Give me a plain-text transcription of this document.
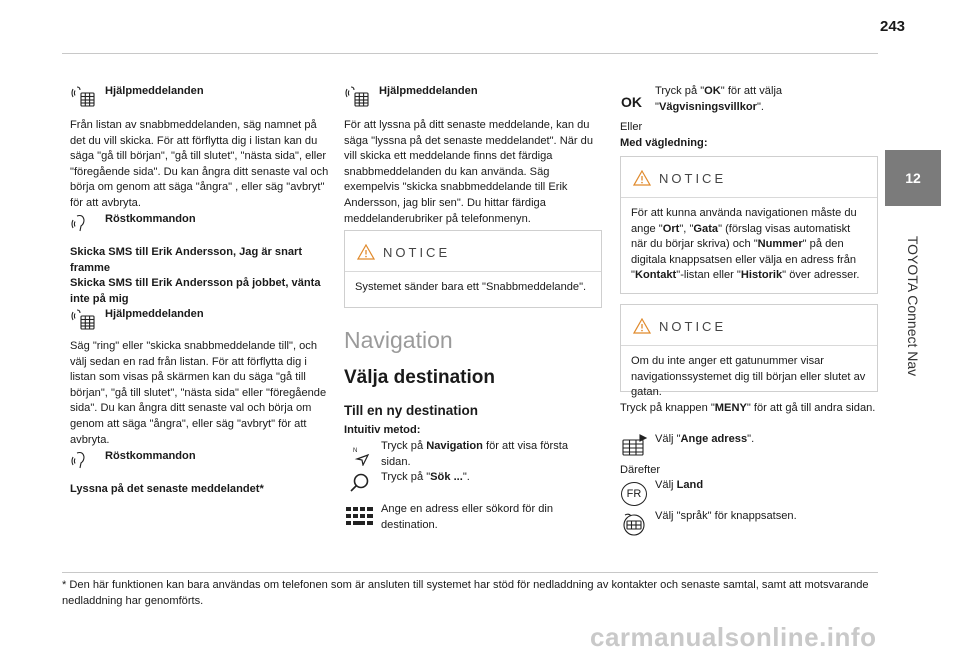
243
12
TOYOTA Connect Nav
Hjälpmeddelanden

Från listan av snabbmeddelanden, säg namnet på det du vill skicka. För att förflytta dig i listan kan du säga "gå till början", "gå till slutet", "nästa sida", eller "föregående sida". Du kan ångra ditt senaste val och börja om genom att säga "ångra" , eller säg "avbryt" för att avbryta.

Röstkommandon

Skicka SMS till Erik Andersson, Jag är snart framme

Skicka SMS till Erik Andersson på jobbet, vänta inte på mig

Hjälpmeddelanden

Säg "ring" eller "skicka snabbmeddelande till", och välj sedan en rad från listan. För att förflytta dig i listan som visas på skärmen kan du säga "gå till början", "gå till slutet", "nästa sida" eller "föregående sida". Du kan ångra ditt senaste val och börja om genom att säga "ångra", eller säg "avbryt" för att avbryta.

Röstkommandon

Lyssna på det senaste meddelandet*

Hjälpmeddelanden

För att lyssna på ditt senaste meddelande, kan du säga "lyssna på det senaste meddelandet". När du vill skicka ett meddelande finns det färdiga snabbmeddelanden du kan använda. Säg exempelvis "skicka snabbmeddelande till Erik Andersson, jag blir sen". Du hittar färdiga meddelanderubriker på telefonmenyn.

NOTICE
Systemet sänder bara ett "Snabbmeddelande".
Navigation
Välja destination
Till en ny destination
Intuitiv metod:
N Tryck på Navigation för att visa första sidan.

Tryck på "Sök ...".

Ange en adress eller sökord för din destination.

OK

Tryck på "OK" för att välja "Vägvisningsvillkor".

Eller
Med vägledning:
NOTICE
För att kunna använda navigationen måste du ange "Ort", "Gata" (förslag visas automatiskt när du börjar skriva) och "Nummer" på den digitala knappsatsen eller välja en adress från "Kontakt"-listan eller "Historik" över adresser.
NOTICE
Om du inte anger ett gatunummer visar navigationssystemet dig till början eller slutet av gatan.

Tryck på knappen "MENY" för att gå till andra sidan.

Välj "Ange adress".

Därefter
FR

Välj Land

Välj "språk" för knappsatsen.

* Den här funktionen kan bara användas om telefonen som är ansluten till systemet har stöd för nedladdning av kontakter och senaste samtal, samt att motsvarande nedladdning har genomförts.

carmanualsonline.info
